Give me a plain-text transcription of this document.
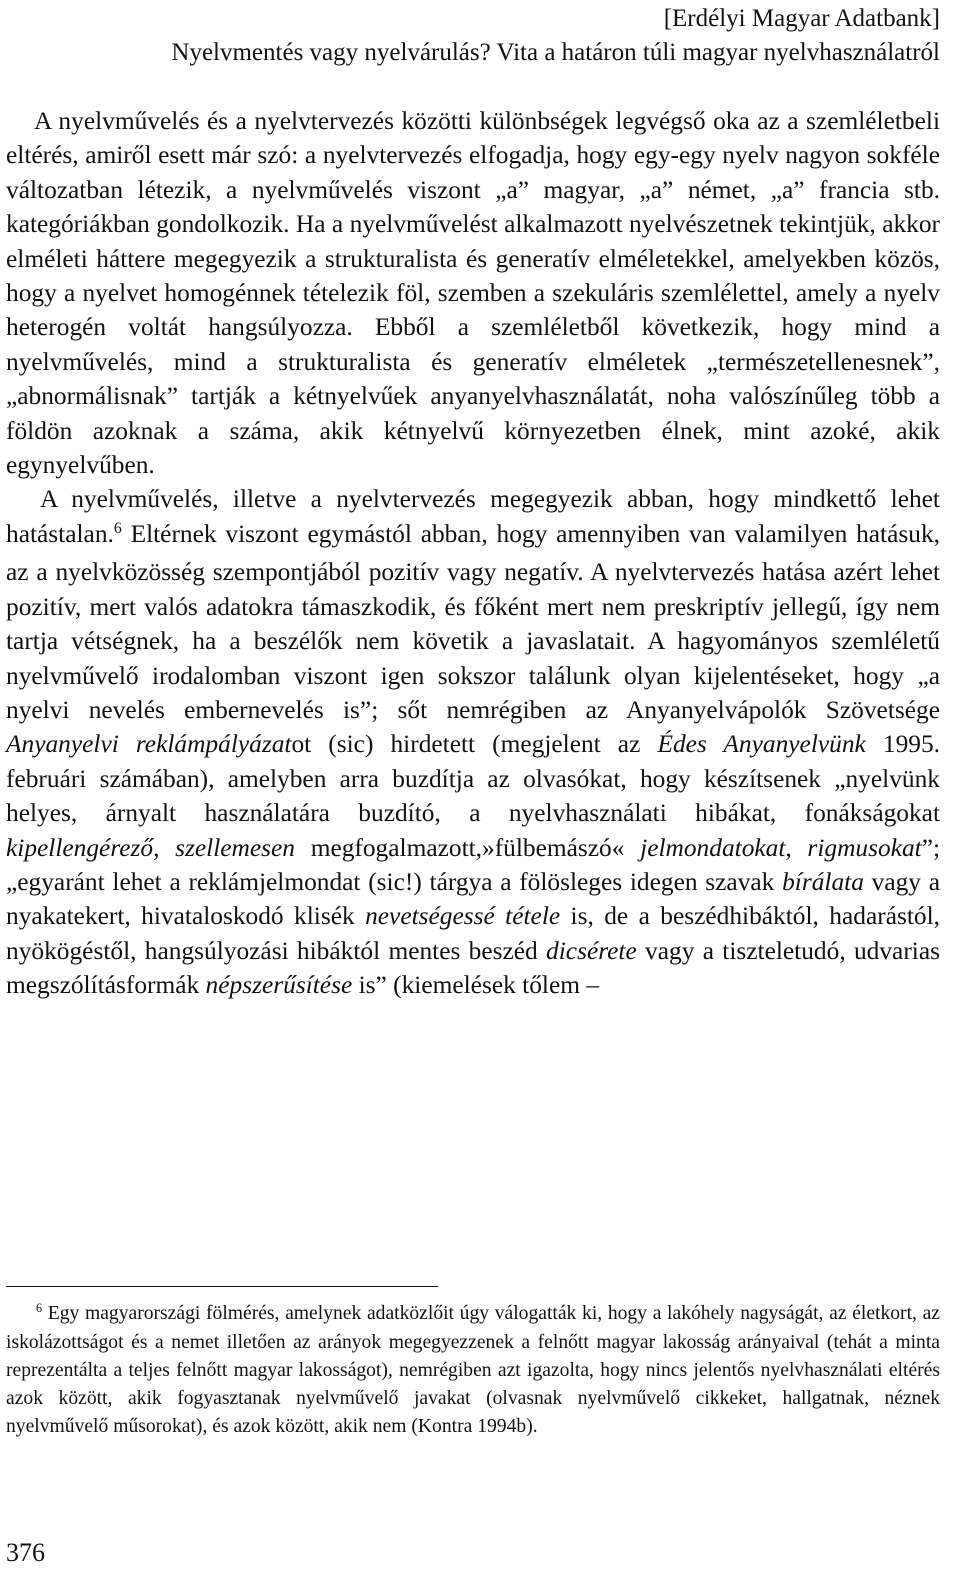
[Erdélyi Magyar Adatbank]
Nyelvmentés vagy nyelvárulás? Vita a határon túli magyar nyelvhasználatról

A nyelvművelés és a nyelvtervezés közötti különbségek legvégső oka az a szemléletbeli eltérés, amiről esett már szó: a nyelvtervezés elfogadja, hogy egy-egy nyelv nagyon sokféle változatban létezik, a nyelvművelés viszont „a” magyar, „a” német, „a” francia stb. kategóriákban gondolkozik. Ha a nyelvművelést alkalmazott nyelvészetnek tekintjük, akkor elméleti háttere megegyezik a strukturalista és generatív elméletekkel, amelyekben közös, hogy a nyelvet homogénnek tételezik föl, szemben a szekuláris szemlélettel, amely a nyelv heterogén voltát hangsúlyozza. Ebből a szemléletből következik, hogy mind a nyelvművelés, mind a strukturalista és generatív elméletek „természetellenesnek”, „abnormálisnak” tartják a kétnyelvűek anyanyelvhasználatát, noha valószínűleg több a földön azoknak a száma, akik kétnyelvű környezetben élnek, mint azoké, akik egynyelvűben.

A nyelvművelés, illetve a nyelvtervezés megegyezik abban, hogy mindkettő lehet hatástalan.$^6$ Eltérnek viszont egymástól abban, hogy amennyiben van valamilyen hatásuk, az a nyelvközösség szempontjából pozitív vagy negatív. A nyelvtervezés hatása azért lehet pozitív, mert valós adatokra támaszkodik, és főként mert nem preskriptív jellegű, így nem tartja vétségnek, ha a beszélők nem követik a javaslatait. A hagyományos szemléletű nyelvművelő irodalomban viszont igen sokszor találunk olyan kijelentéseket, hogy „a nyelvi nevelés embernevelés is”; sőt nemrégiben az Anyanyelvápolók Szövetsége Anyanyelvi reklámpályázatot (sic) hirdetett (megjelent az Édes Anyanyelvünk 1995. februári számában), amelyben arra buzdítja az olvasókat, hogy készítsenek „nyelvünk helyes, árnyalt használatára buzdító, a nyelvhasználati hibákat, fonákságokat kipellengérező, szellemesen megfogalmazott,»fülbemászó« jelmondatokat, rigmusokat”; „egyaránt lehet a reklámjelmondat (sic!) tárgya a fölösleges idegen szavak bírálata vagy a nyakatekert, hivataloskodó klisék nevetségessé tétele is, de a beszédhibáktól, hadarástól, nyökögéstől, hangsúlyozási hibáktól mentes beszéd dicsérete vagy a tiszteletudó, udvarias megszólításformák népszerűsítése is” (kiemelések tőlem –

$^6$ Egy magyarországi fölmérés, amelynek adatközlőit úgy válogatták ki, hogy a lakóhely nagyságát, az életkort, az iskolázottságot és a nemet illetően az arányok megegyezzenek a felnőtt magyar lakosság arányaival (tehát a minta reprezentálta a teljes felnőtt magyar lakosságot), nemrégiben azt igazolta, hogy nincs jelentős nyelvhasználati eltérés azok között, akik fogyasztanak nyelvművelő javakat (olvasnak nyelvművelő cikkeket, hallgatnak, néznek nyelvművelő műsorokat), és azok között, akik nem (Kontra 1994b).

376
